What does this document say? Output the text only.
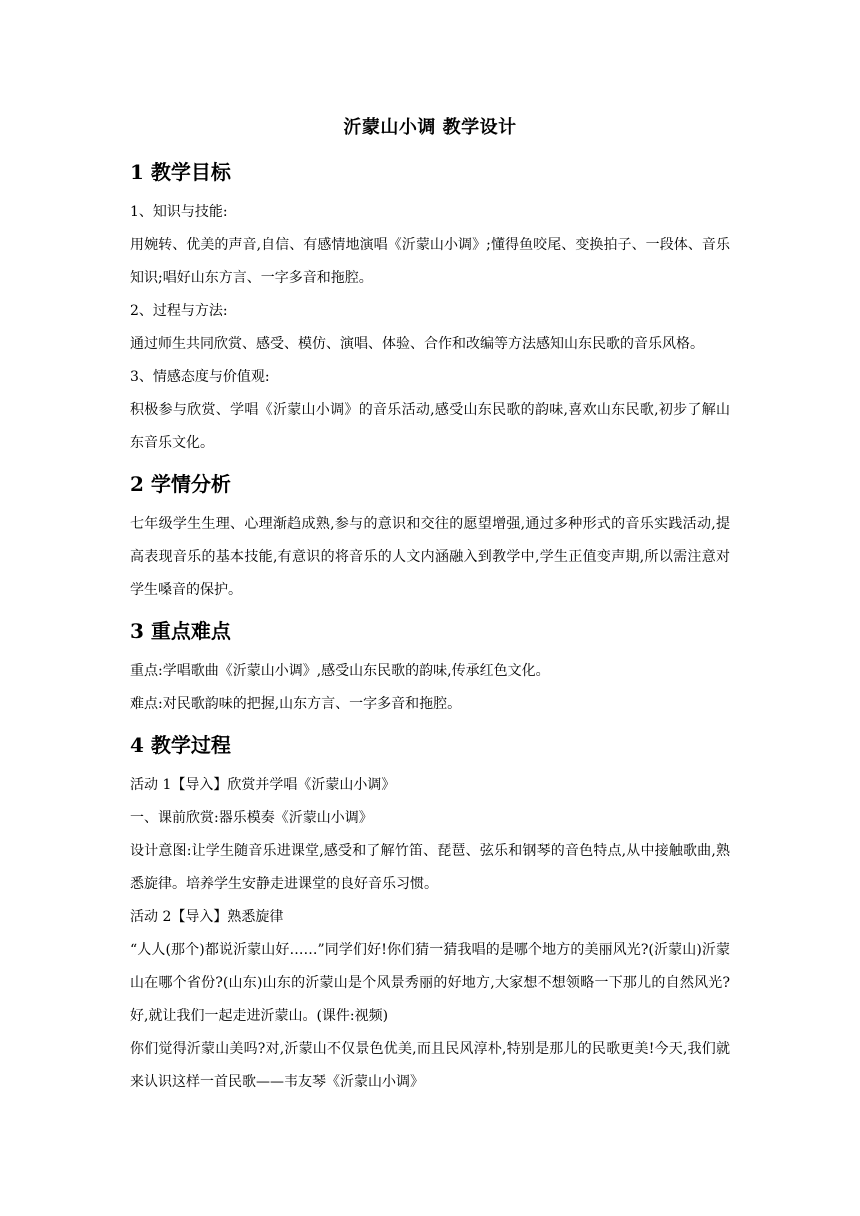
沂蒙山小调 教学设计
1 教学目标

1、知识与技能:

用婉转、优美的声音,自信、有感情地演唱《沂蒙山小调》;懂得鱼咬尾、变换拍子、一段体、音乐知识;唱好山东方言、一字多音和拖腔。

2、过程与方法:

通过师生共同欣赏、感受、模仿、演唱、体验、合作和改编等方法感知山东民歌的音乐风格。

3、情感态度与价值观:

积极参与欣赏、学唱《沂蒙山小调》的音乐活动,感受山东民歌的韵味,喜欢山东民歌,初步了解山东音乐文化。

2 学情分析

七年级学生生理、心理渐趋成熟,参与的意识和交往的愿望增强,通过多种形式的音乐实践活动,提高表现音乐的基本技能,有意识的将音乐的人文内涵融入到教学中,学生正值变声期,所以需注意对学生嗓音的保护。

3 重点难点

重点:学唱歌曲《沂蒙山小调》,感受山东民歌的韵味,传承红色文化。

难点:对民歌韵味的把握,山东方言、一字多音和拖腔。

4 教学过程

活动 1【导入】欣赏并学唱《沂蒙山小调》

一、课前欣赏:器乐模奏《沂蒙山小调》

设计意图:让学生随音乐进课堂,感受和了解竹笛、琵琶、弦乐和钢琴的音色特点,从中接触歌曲,熟悉旋律。培养学生安静走进课堂的良好音乐习惯。

活动 2【导入】熟悉旋律

“人人(那个)都说沂蒙山好……”同学们好!你们猜一猜我唱的是哪个地方的美丽风光?(沂蒙山)沂蒙山在哪个省份?(山东)山东的沂蒙山是个风景秀丽的好地方,大家想不想领略一下那儿的自然风光?好,就让我们一起走进沂蒙山。(课件:视频)

你们觉得沂蒙山美吗?对,沂蒙山不仅景色优美,而且民风淳朴,特别是那儿的民歌更美!今天,我们就来认识这样一首民歌——韦友琴《沂蒙山小调》
